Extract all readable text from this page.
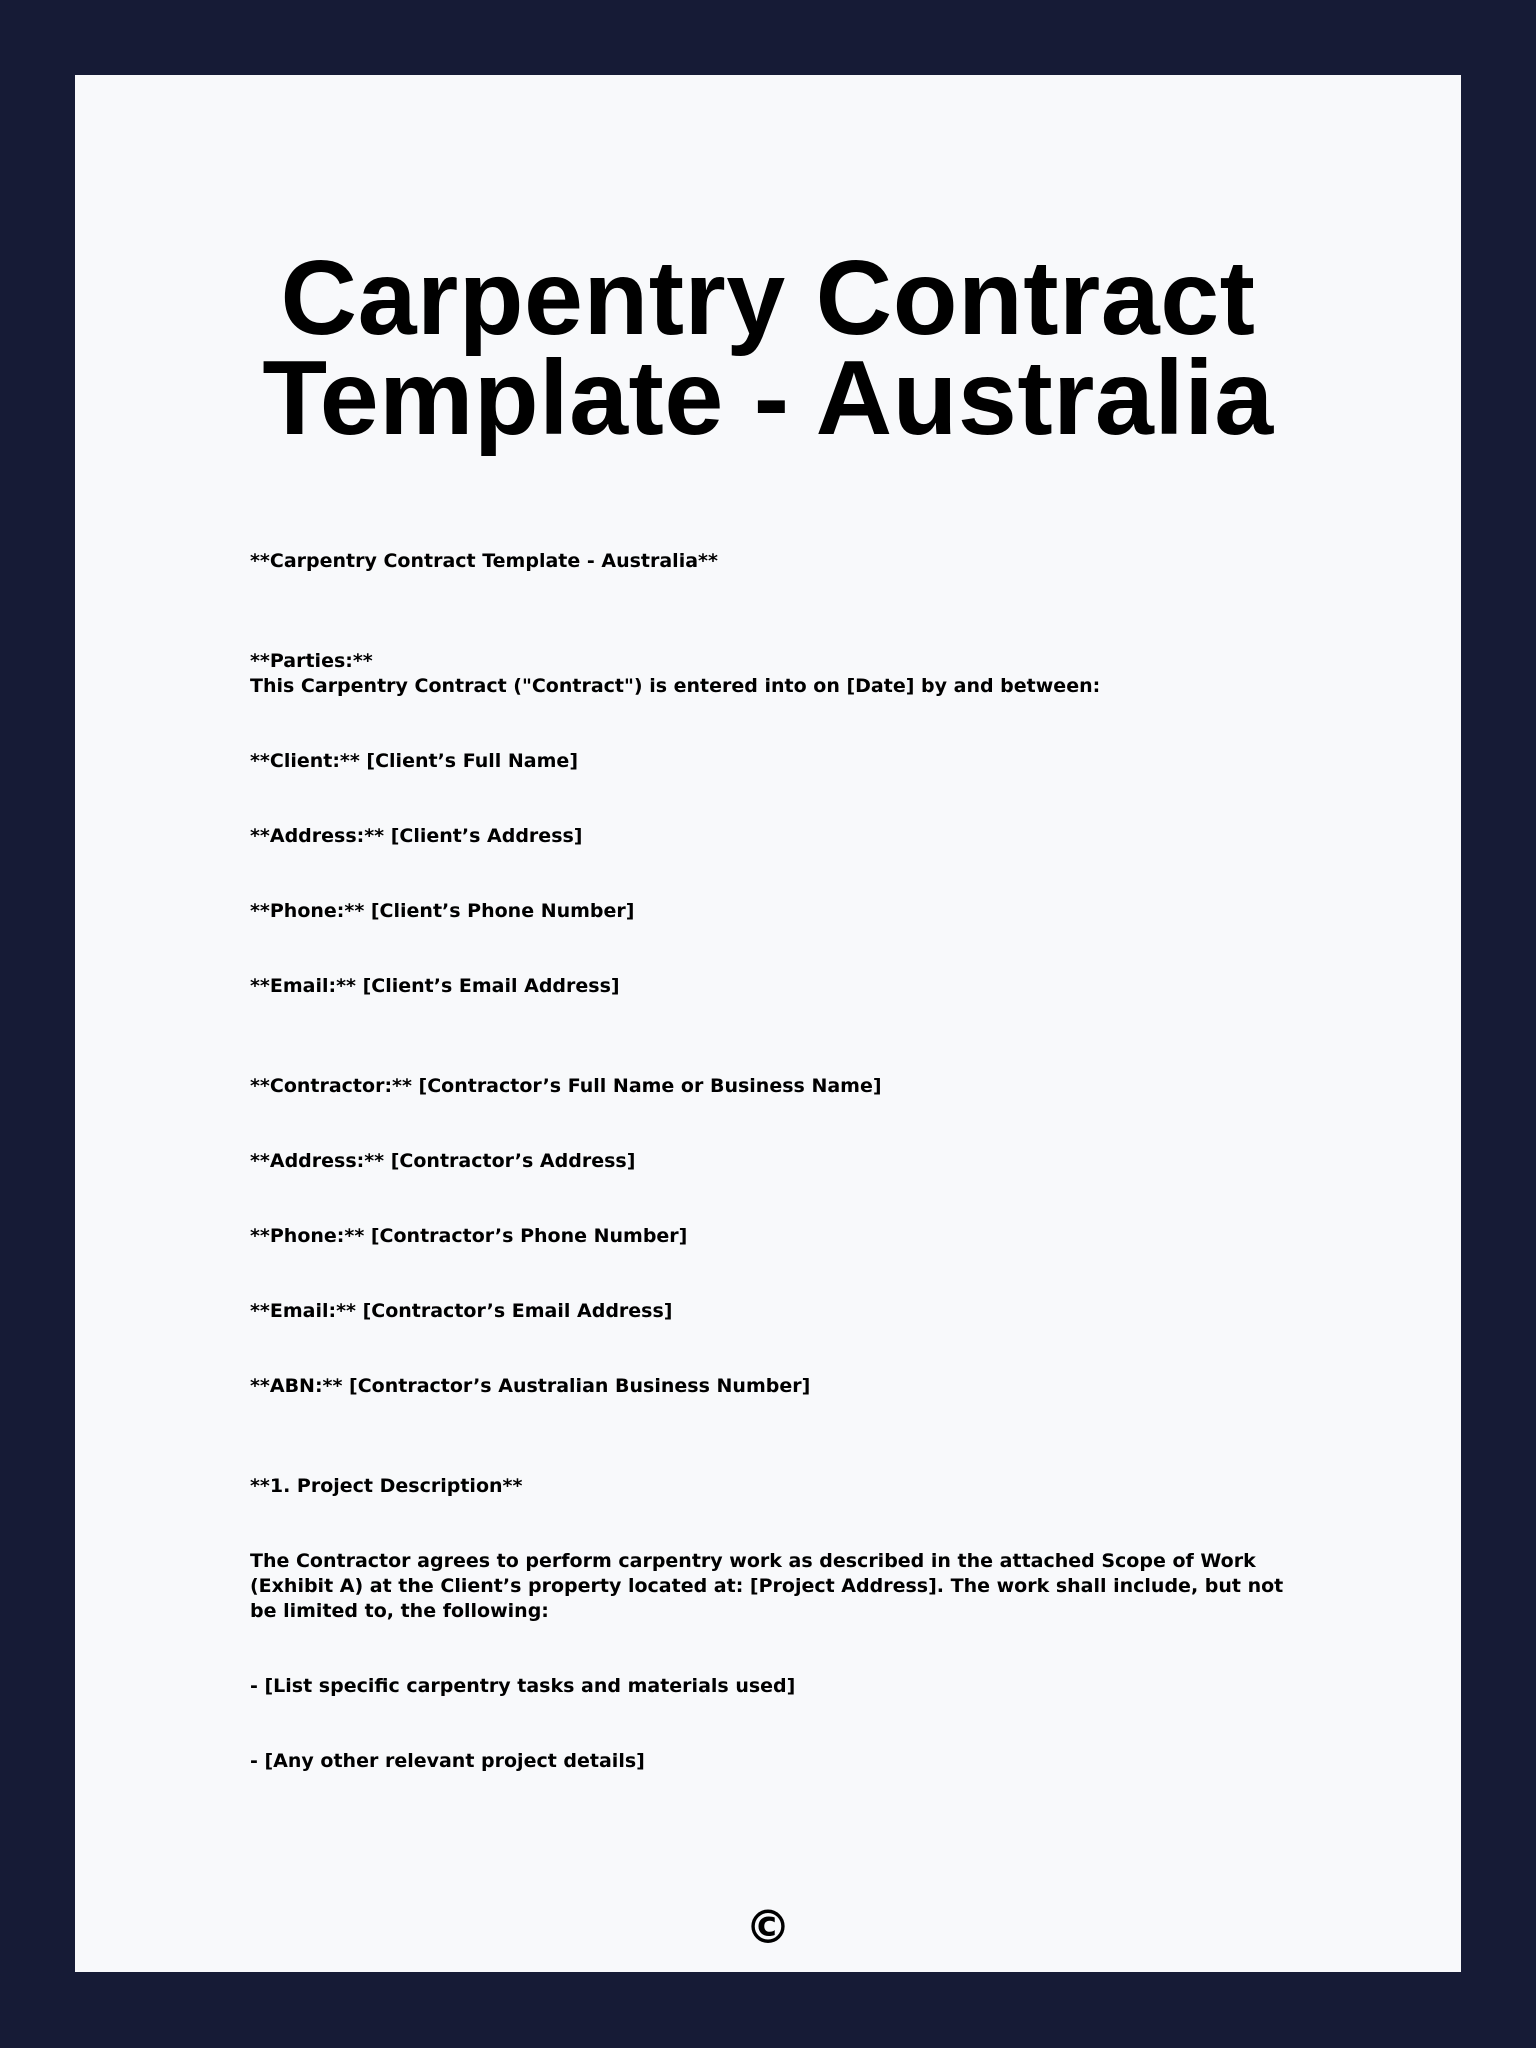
Carpentry Contract Template - Australia

**Carpentry Contract Template - Australia**

**Parties:**

This Carpentry Contract ("Contract") is entered into on [Date] by and between:

**Client:** [Client’s Full Name]

**Address:** [Client’s Address]

**Phone:** [Client’s Phone Number]

**Email:** [Client’s Email Address]

**Contractor:** [Contractor’s Full Name or Business Name]

**Address:** [Contractor’s Address]

**Phone:** [Contractor’s Phone Number]

**Email:** [Contractor’s Email Address]

**ABN:** [Contractor’s Australian Business Number]

**1. Project Description**

The Contractor agrees to perform carpentry work as described in the attached Scope of Work (Exhibit A) at the Client’s property located at: [Project Address]. The work shall include, but not be limited to, the following:

- [List specific carpentry tasks and materials used]

- [Any other relevant project details]

©
